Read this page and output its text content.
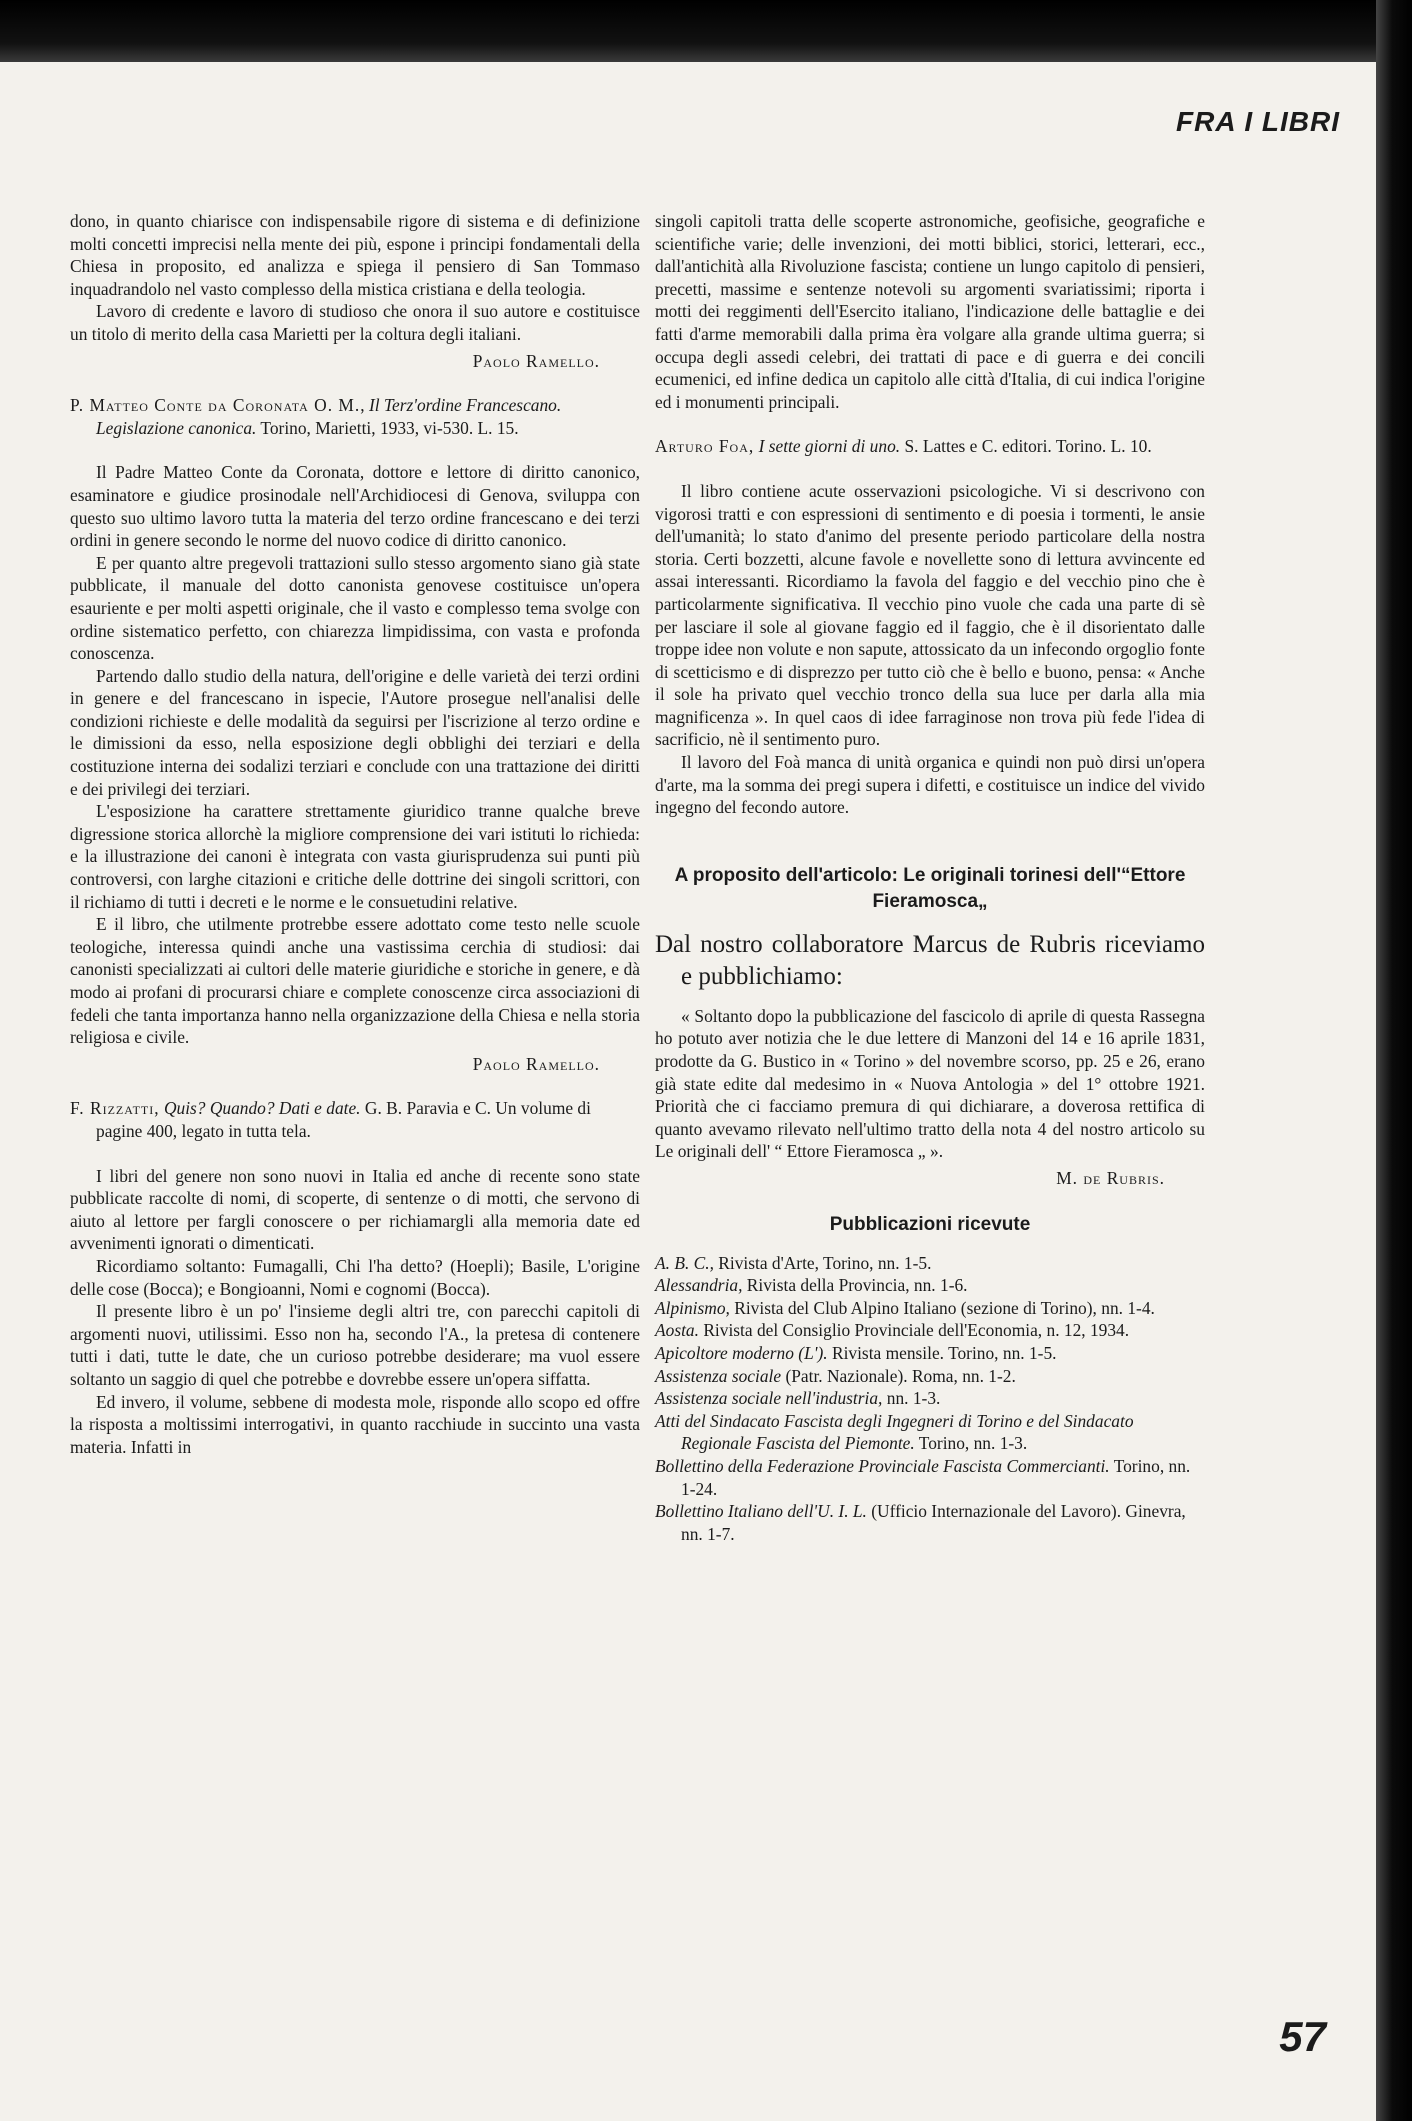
FRA I LIBRI

dono, in quanto chiarisce con indispensabile rigore di sistema e di definizione molti concetti imprecisi nella mente dei più, espone i principi fondamentali della Chiesa in proposito, ed analizza e spiega il pensiero di San Tommaso inquadrandolo nel vasto complesso della mistica cristiana e della teologia.

Lavoro di credente e lavoro di studioso che onora il suo autore e costituisce un titolo di merito della casa Marietti per la coltura degli italiani.

Paolo Ramello.

P. Matteo Conte da Coronata O. M., Il Terz'ordine Francescano. Legislazione canonica. Torino, Marietti, 1933, vi-530. L. 15.

Il Padre Matteo Conte da Coronata, dottore e lettore di diritto canonico, esaminatore e giudice prosinodale nell'Archidiocesi di Genova, sviluppa con questo suo ultimo lavoro tutta la materia del terzo ordine francescano e dei terzi ordini in genere secondo le norme del nuovo codice di diritto canonico.

E per quanto altre pregevoli trattazioni sullo stesso argomento siano già state pubblicate, il manuale del dotto canonista genovese costituisce un'opera esauriente e per molti aspetti originale, che il vasto e complesso tema svolge con ordine sistematico perfetto, con chiarezza limpidissima, con vasta e profonda conoscenza.

Partendo dallo studio della natura, dell'origine e delle varietà dei terzi ordini in genere e del francescano in ispecie, l'Autore prosegue nell'analisi delle condizioni richieste e delle modalità da seguirsi per l'iscrizione al terzo ordine e le dimissioni da esso, nella esposizione degli obblighi dei terziari e della costituzione interna dei sodalizi terziari e conclude con una trattazione dei diritti e dei privilegi dei terziari.

L'esposizione ha carattere strettamente giuridico tranne qualche breve digressione storica allorchè la migliore comprensione dei vari istituti lo richieda: e la illustrazione dei canoni è integrata con vasta giurisprudenza sui punti più controversi, con larghe citazioni e critiche delle dottrine dei singoli scrittori, con il richiamo di tutti i decreti e le norme e le consuetudini relative.

E il libro, che utilmente protrebbe essere adottato come testo nelle scuole teologiche, interessa quindi anche una vastissima cerchia di studiosi: dai canonisti specializzati ai cultori delle materie giuridiche e storiche in genere, e dà modo ai profani di procurarsi chiare e complete conoscenze circa associazioni di fedeli che tanta importanza hanno nella organizzazione della Chiesa e nella storia religiosa e civile.

Paolo Ramello.

F. Rizzatti, Quis? Quando? Dati e date. G. B. Paravia e C. Un volume di pagine 400, legato in tutta tela.

I libri del genere non sono nuovi in Italia ed anche di recente sono state pubblicate raccolte di nomi, di scoperte, di sentenze o di motti, che servono di aiuto al lettore per fargli conoscere o per richiamargli alla memoria date ed avvenimenti ignorati o dimenticati.

Ricordiamo soltanto: Fumagalli, Chi l'ha detto? (Hoepli); Basile, L'origine delle cose (Bocca); e Bongioanni, Nomi e cognomi (Bocca).

Il presente libro è un po' l'insieme degli altri tre, con parecchi capitoli di argomenti nuovi, utilissimi. Esso non ha, secondo l'A., la pretesa di contenere tutti i dati, tutte le date, che un curioso potrebbe desiderare; ma vuol essere soltanto un saggio di quel che potrebbe e dovrebbe essere un'opera siffatta.

Ed invero, il volume, sebbene di modesta mole, risponde allo scopo ed offre la risposta a moltissimi interrogativi, in quanto racchiude in succinto una vasta materia. Infatti in

singoli capitoli tratta delle scoperte astronomiche, geofisiche, geografiche e scientifiche varie; delle invenzioni, dei motti biblici, storici, letterari, ecc., dall'antichità alla Rivoluzione fascista; contiene un lungo capitolo di pensieri, precetti, massime e sentenze notevoli su argomenti svariatissimi; riporta i motti dei reggimenti dell'Esercito italiano, l'indicazione delle battaglie e dei fatti d'arme memorabili dalla prima èra volgare alla grande ultima guerra; si occupa degli assedi celebri, dei trattati di pace e di guerra e dei concili ecumenici, ed infine dedica un capitolo alle città d'Italia, di cui indica l'origine ed i monumenti principali.

Arturo Foa, I sette giorni di uno. S. Lattes e C. editori. Torino. L. 10.

Il libro contiene acute osservazioni psicologiche. Vi si descrivono con vigorosi tratti e con espressioni di sentimento e di poesia i tormenti, le ansie dell'umanità; lo stato d'animo del presente periodo particolare della nostra storia. Certi bozzetti, alcune favole e novellette sono di lettura avvincente ed assai interessanti. Ricordiamo la favola del faggio e del vecchio pino che è particolarmente significativa. Il vecchio pino vuole che cada una parte di sè per lasciare il sole al giovane faggio ed il faggio, che è il disorientato dalle troppe idee non volute e non sapute, attossicato da un infecondo orgoglio fonte di scetticismo e di disprezzo per tutto ciò che è bello e buono, pensa: « Anche il sole ha privato quel vecchio tronco della sua luce per darla alla mia magnificenza ». In quel caos di idee farraginose non trova più fede l'idea di sacrificio, nè il sentimento puro.

Il lavoro del Foà manca di unità organica e quindi non può dirsi un'opera d'arte, ma la somma dei pregi supera i difetti, e costituisce un indice del vivido ingegno del fecondo autore.

A proposito dell'articolo: Le originali torinesi dell'“Ettore Fieramosca„

Dal nostro collaboratore Marcus de Rubris riceviamo e pubblichiamo:

« Soltanto dopo la pubblicazione del fascicolo di aprile di questa Rassegna ho potuto aver notizia che le due lettere di Manzoni del 14 e 16 aprile 1831, prodotte da G. Bustico in « Torino » del novembre scorso, pp. 25 e 26, erano già state edite dal medesimo in « Nuova Antologia » del 1° ottobre 1921. Priorità che ci facciamo premura di qui dichiarare, a doverosa rettifica di quanto avevamo rilevato nell'ultimo tratto della nota 4 del nostro articolo su Le originali dell' “ Ettore Fieramosca „ ».

M. de Rubris.

Pubblicazioni ricevute

A. B. C., Rivista d'Arte, Torino, nn. 1-5.

Alessandria, Rivista della Provincia, nn. 1-6.

Alpinismo, Rivista del Club Alpino Italiano (sezione di Torino), nn. 1-4.

Aosta. Rivista del Consiglio Provinciale dell'Economia, n. 12, 1934.

Apicoltore moderno (L'). Rivista mensile. Torino, nn. 1-5.

Assistenza sociale (Patr. Nazionale). Roma, nn. 1-2.

Assistenza sociale nell'industria, nn. 1-3.

Atti del Sindacato Fascista degli Ingegneri di Torino e del Sindacato Regionale Fascista del Piemonte. Torino, nn. 1-3.

Bollettino della Federazione Provinciale Fascista Commercianti. Torino, nn. 1-24.

Bollettino Italiano dell'U. I. L. (Ufficio Internazionale del Lavoro). Ginevra, nn. 1-7.

57
